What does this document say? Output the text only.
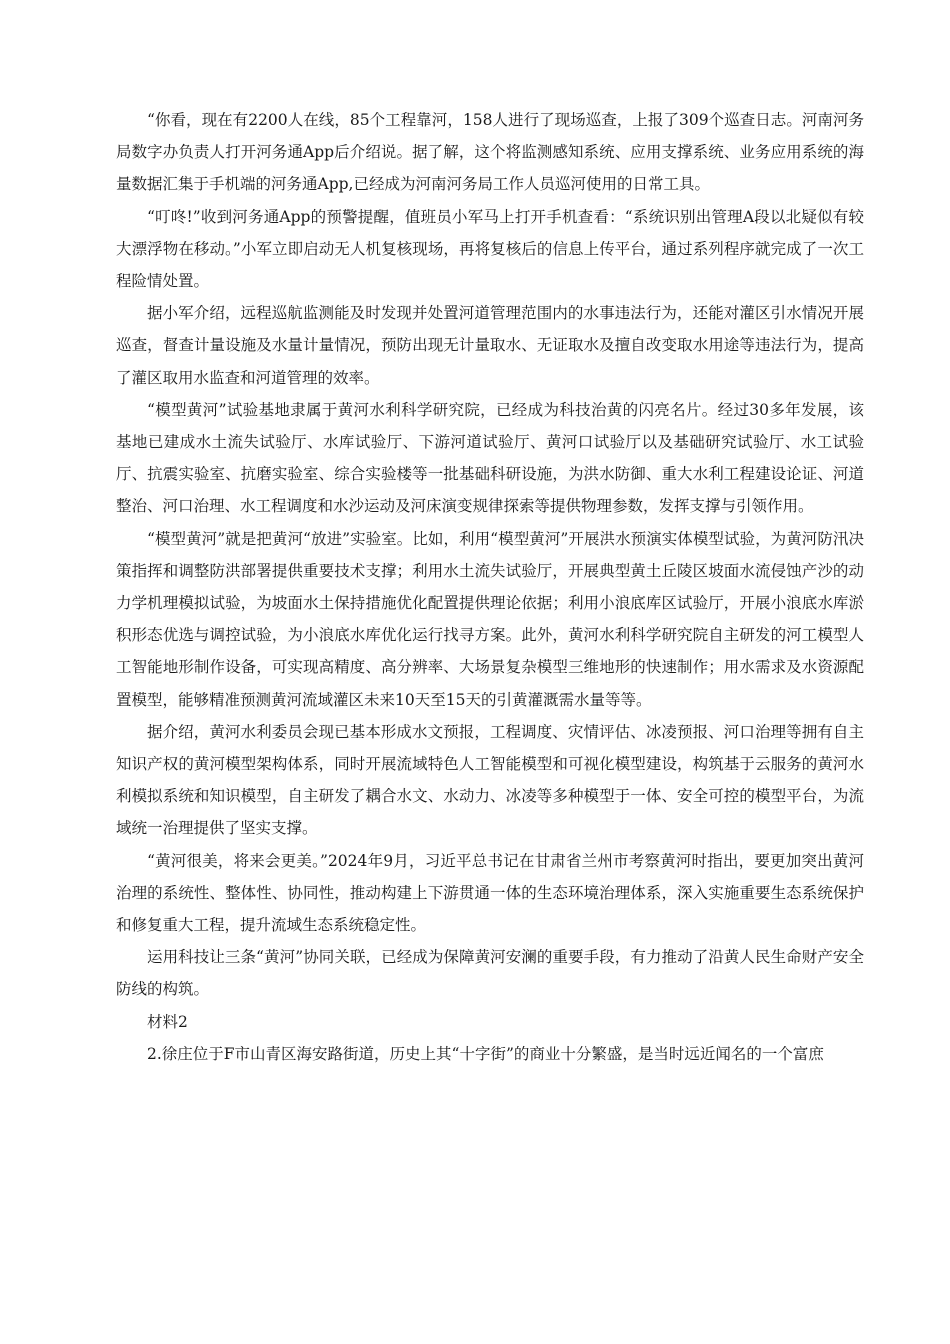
“你看，现在有2200人在线，85个工程靠河，158人进行了现场巡查，上报了309个巡查日志。河南河务局数字办负责人打开河务通App后介绍说。据了解，这个将监测感知系统、应用支撑系统、业务应用系统的海量数据汇集于手机端的河务通App,已经成为河南河务局工作人员巡河使用的日常工具。

“叮咚!”收到河务通App的预警提醒，值班员小军马上打开手机查看：“系统识别出管理A段以北疑似有较大漂浮物在移动。”小军立即启动无人机复核现场，再将复核后的信息上传平台，通过系列程序就完成了一次工程险情处置。

据小军介绍，远程巡航监测能及时发现并处置河道管理范围内的水事违法行为，还能对灌区引水情况开展巡查，督查计量设施及水量计量情况，预防出现无计量取水、无证取水及擅自改变取水用途等违法行为，提高了灌区取用水监查和河道管理的效率。

“模型黄河”试验基地隶属于黄河水利科学研究院，已经成为科技治黄的闪亮名片。经过30多年发展，该基地已建成水土流失试验厅、水库试验厅、下游河道试验厅、黄河口试验厅以及基础研究试验厅、水工试验厅、抗震实验室、抗磨实验室、综合实验楼等一批基础科研设施，为洪水防御、重大水利工程建设论证、河道整治、河口治理、水工程调度和水沙运动及河床演变规律探索等提供物理参数，发挥支撑与引领作用。

“模型黄河”就是把黄河“放进”实验室。比如，利用“模型黄河”开展洪水预演实体模型试验，为黄河防汛决策指挥和调整防洪部署提供重要技术支撑；利用水土流失试验厅，开展典型黄土丘陵区坡面水流侵蚀产沙的动力学机理模拟试验，为坡面水土保持措施优化配置提供理论依据；利用小浪底库区试验厅，开展小浪底水库淤积形态优选与调控试验，为小浪底水库优化运行找寻方案。此外，黄河水利科学研究院自主研发的河工模型人工智能地形制作设备，可实现高精度、高分辨率、大场景复杂模型三维地形的快速制作；用水需求及水资源配置模型，能够精准预测黄河流域灌区未来10天至15天的引黄灌溉需水量等等。

据介绍，黄河水利委员会现已基本形成水文预报，工程调度、灾情评估、冰凌预报、河口治理等拥有自主知识产权的黄河模型架构体系，同时开展流域特色人工智能模型和可视化模型建设，构筑基于云服务的黄河水利模拟系统和知识模型，自主研发了耦合水文、水动力、冰凌等多种模型于一体、安全可控的模型平台，为流域统一治理提供了坚实支撑。

“黄河很美，将来会更美。”2024年9月，习近平总书记在甘肃省兰州市考察黄河时指出，要更加突出黄河治理的系统性、整体性、协同性，推动构建上下游贯通一体的生态环境治理体系，深入实施重要生态系统保护和修复重大工程，提升流域生态系统稳定性。

运用科技让三条“黄河”协同关联，已经成为保障黄河安澜的重要手段，有力推动了沿黄人民生命财产安全防线的构筑。

材料2

2.徐庄位于F市山青区海安路街道，历史上其“十字街”的商业十分繁盛，是当时远近闻名的一个富庶
